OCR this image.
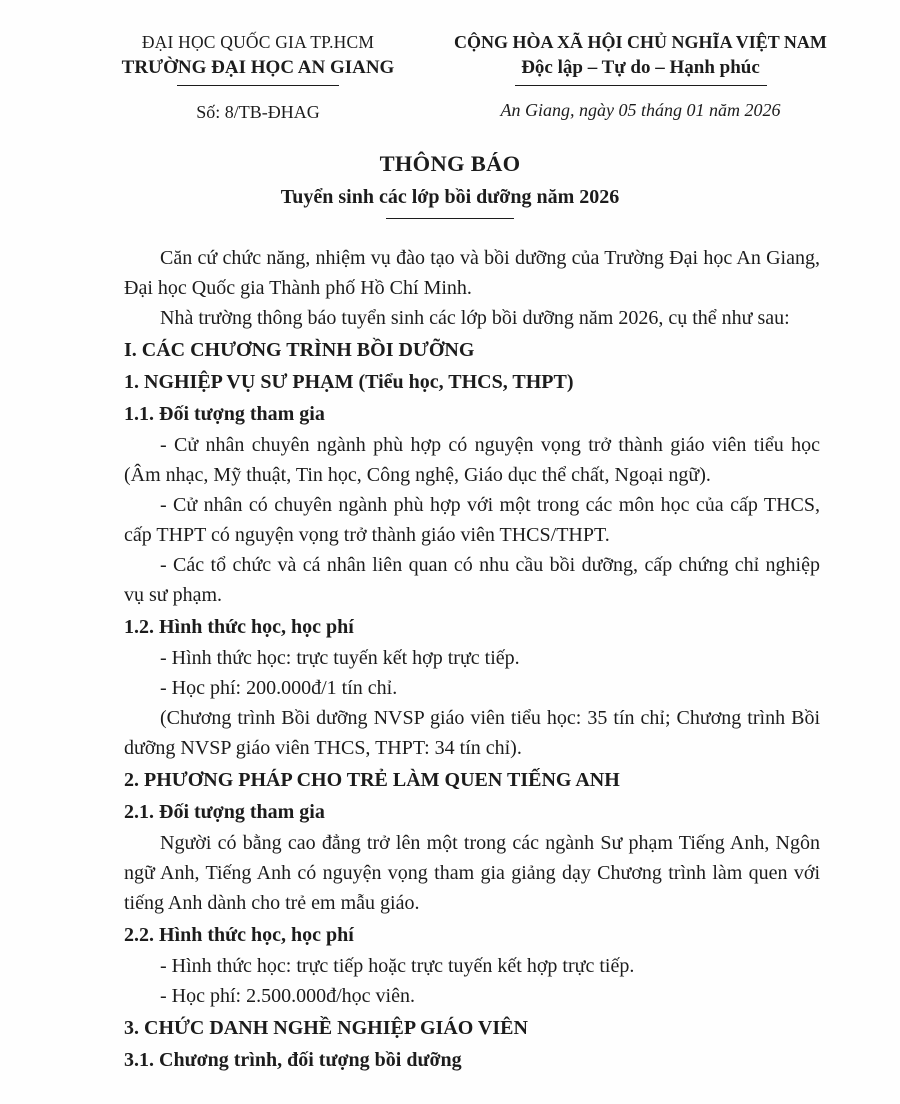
ĐẠI HỌC QUỐC GIA TP.HCM
TRƯỜNG ĐẠI HỌC AN GIANG
Số: 8/TB-ĐHAG
CỘNG HÒA XÃ HỘI CHỦ NGHĨA VIỆT NAM
Độc lập – Tự do – Hạnh phúc
An Giang, ngày 05 tháng 01 năm 2026
THÔNG BÁO
Tuyển sinh các lớp bồi dưỡng năm 2026
Căn cứ chức năng, nhiệm vụ đào tạo và bồi dưỡng của Trường Đại học An Giang, Đại học Quốc gia Thành phố Hồ Chí Minh.
Nhà trường thông báo tuyển sinh các lớp bồi dưỡng năm 2026, cụ thể như sau:
I. CÁC CHƯƠNG TRÌNH BỒI DƯỠNG
1. NGHIỆP VỤ SƯ PHẠM (Tiểu học, THCS, THPT)
1.1. Đối tượng tham gia
- Cử nhân chuyên ngành phù hợp có nguyện vọng trở thành giáo viên tiểu học (Âm nhạc, Mỹ thuật, Tin học, Công nghệ, Giáo dục thể chất, Ngoại ngữ).
- Cử nhân có chuyên ngành phù hợp với một trong các môn học của cấp THCS, cấp THPT có nguyện vọng trở thành giáo viên THCS/THPT.
- Các tổ chức và cá nhân liên quan có nhu cầu bồi dưỡng, cấp chứng chỉ nghiệp vụ sư phạm.
1.2. Hình thức học, học phí
- Hình thức học: trực tuyến kết hợp trực tiếp.
- Học phí: 200.000đ/1 tín chỉ.
(Chương trình Bồi dưỡng NVSP giáo viên tiểu học: 35 tín chỉ; Chương trình Bồi dưỡng NVSP giáo viên THCS, THPT: 34 tín chỉ).
2. PHƯƠNG PHÁP CHO TRẺ LÀM QUEN TIẾNG ANH
2.1. Đối tượng tham gia
Người có bằng cao đẳng trở lên một trong các ngành Sư phạm Tiếng Anh, Ngôn ngữ Anh, Tiếng Anh có nguyện vọng tham gia giảng dạy Chương trình làm quen với tiếng Anh dành cho trẻ em mẫu giáo.
2.2. Hình thức học, học phí
- Hình thức học: trực tiếp hoặc trực tuyến kết hợp trực tiếp.
- Học phí: 2.500.000đ/học viên.
3. CHỨC DANH NGHỀ NGHIỆP GIÁO VIÊN
3.1. Chương trình, đối tượng bồi dưỡng
